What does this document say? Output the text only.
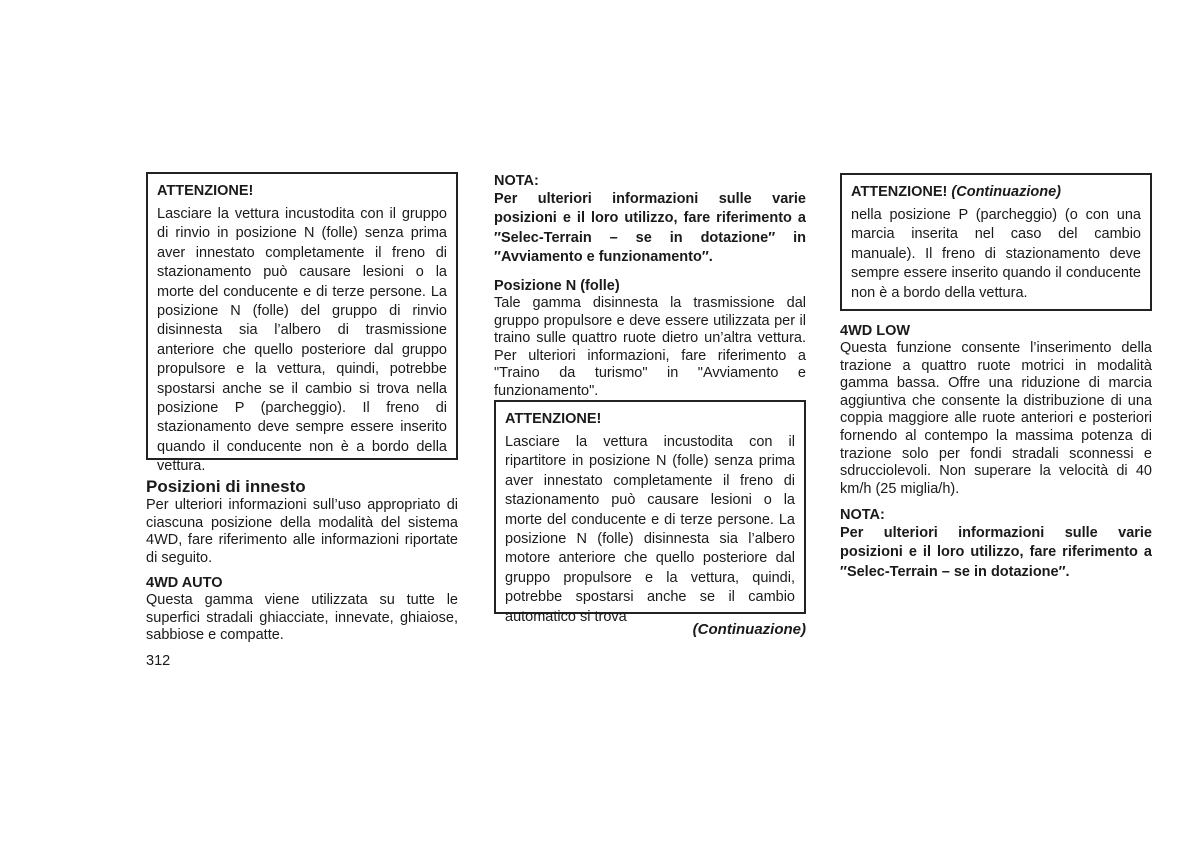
ATTENZIONE!

Lasciare la vettura incustodita con il gruppo di rinvio in posizione N (folle) senza prima aver innestato completamente il freno di stazionamento può causare lesioni o la morte del conducente e di terze persone. La posizione N (folle) del gruppo di rinvio disinnesta sia l’albero di trasmissione anteriore che quello posteriore dal gruppo propulsore e la vettura, quindi, potrebbe spostarsi anche se il cambio si trova nella posizione P (parcheggio). Il freno di stazionamento deve sempre essere inserito quando il conducente non è a bordo della vettura.

Posizioni di innesto

Per ulteriori informazioni sull’uso appropriato di ciascuna posizione della modalità del sistema 4WD, fare riferimento alle informazioni riportate di seguito.

4WD AUTO

Questa gamma viene utilizzata su tutte le superfici stradali ghiacciate, innevate, ghiaiose, sabbiose e compatte.

312

NOTA:

Per ulteriori informazioni sulle varie posizioni e il loro utilizzo, fare riferimento a ″Selec-Terrain – se in dotazione″ in ″Avviamento e funzionamento″.

Posizione N (folle)

Tale gamma disinnesta la trasmissione dal gruppo propulsore e deve essere utilizzata per il traino sulle quattro ruote dietro un’altra vettura. Per ulteriori informazioni, fare riferimento a "Traino da turismo" in "Avviamento e funzionamento".

ATTENZIONE!

Lasciare la vettura incustodita con il ripartitore in posizione N (folle) senza prima aver innestato completamente il freno di stazionamento può causare lesioni o la morte del conducente e di terze persone. La posizione N (folle) disinnesta sia l’albero motore anteriore che quello posteriore dal gruppo propulsore e la vettura, quindi, potrebbe spostarsi anche se il cambio automatico si trova

(Continuazione)

ATTENZIONE! (Continuazione)

nella posizione P (parcheggio) (o con una marcia inserita nel caso del cambio manuale). Il freno di stazionamento deve sempre essere inserito quando il conducente non è a bordo della vettura.

4WD LOW

Questa funzione consente l’inserimento della trazione a quattro ruote motrici in modalità gamma bassa. Offre una riduzione di marcia aggiuntiva che consente la distribuzione di una coppia maggiore alle ruote anteriori e posteriori fornendo al contempo la massima potenza di trazione solo per fondi stradali sconnessi e sdrucciolevoli. Non superare la velocità di 40 km/h (25 miglia/h).

NOTA:

Per ulteriori informazioni sulle varie posizioni e il loro utilizzo, fare riferimento a ″Selec-Terrain – se in dotazione″.
